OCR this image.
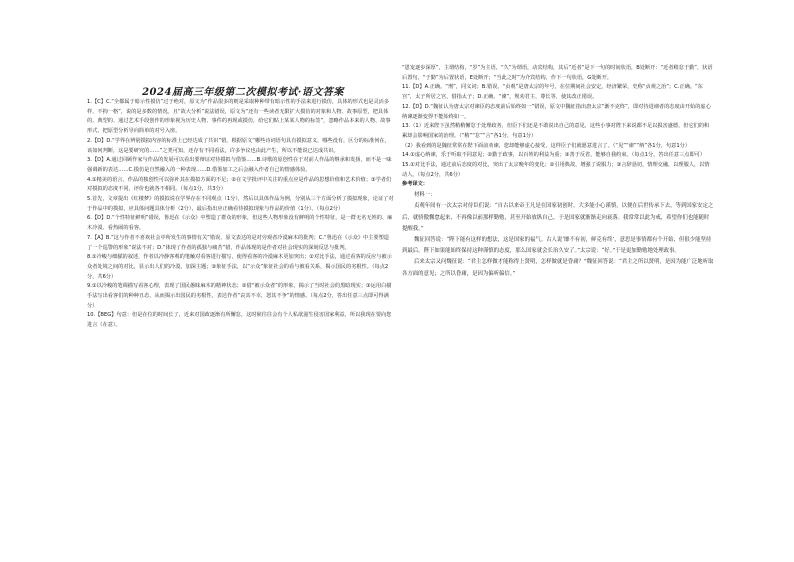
2024届高三年级第二次模拟考试·语文答案

1.【C】C.“全都属于暗示性摸仿”过于绝对，原文为“作品很多的则是采取种种带有暗示性的手法来进行摸仿，具体的形式也是灵活多样，不拘一格”，说的是多数的情况。且“故大分析”说法错误，原文为“还有一些读者无限扩大摸仿的对象和人物、故事原型，把具体的、典型的、通过艺术手段创作的形象视为历史人物、事件的再现或摸仿，给它们贴上某某人物的标签”，忽略作品本来的人物、故事形式，把原型分析导向简单的对号入座。

2.【D】D.“学界在辨别摸拟内容的标准上已经达成了共识”错，根据原文“哪些诗词语句具有摸拟意义，哪些没有，区分的标准何在，该如何判断，这是要研究的……”之类可知，还存有不同看法，许多争议也由此产生，所以不能说已达成共识。

3.【D】A.通过回顾作家与作品的发展可以看出要辩证对待摸拟与借鉴……B.诗歌的原创性在于对前人作品的继承和发扬，而不是一味强调新的表达……C.摸仿是自然融入的一种表现……D.借鉴加工之后会融入作者自己的情感体验。

4.①精美的语言，作品的独创性可以弥补其在摸拟方面的不足；②在文学批评中关注的重点应是作品的思想价值和艺术价值；③学者们对摸拟的态度不同，评价也就各不相同。（每点1分，共3分）

5.首先，文章提出《红楼梦》的摸拟说在学界存在不同观点（1分），然后以具体作品为例，分别从三个方面分析了摸拟现象，论证了对于作品中的摸拟，应具体问题具体分析（2分），最后指出应正确看待摸拟现象与作品的价值（1分）。（每点2分）

6.【D】D.“个性特征鲜明”错误，鲁迅在《示众》中塑造了群众的形象，但这些人物形象没有鲜明的个性特征，是一群无名无姓的、麻木冷漠、看热闹的看客。

7.【A】B.“这与作者不喜欢社会中所发生的事情有关”错误，原文表达的是对旁观者冷漠麻木的批判；C.“鲁迅在《示众》中主要塑造了一个巡警的形象”说法不对；D.“体现了作者的孤独与痛苦”错，作品体现的是作者对社会现实的深刻反思与批判。

8.①冷峻与细腻的叙述，作者以冷静客观的笔触对看客进行描写，使得看客的冷漠麻木更加突出；②对比手法，通过看客的反应与被示众者处境之间的对比，显示出人们的冷漠，加深主题；③象征手法，以“示众”象征社会的看与被看关系，揭示国民的劣根性。（每点2分，共6分）

9.①以冷峻的笔调描写看客心理，表现了国民愚昧麻木的精神状态；②借“被示众者”的形象，揭示了当时社会的黑暗现实；③运用白描手法写出看客们的种种丑态，从而揭示出国民的劣根性，表达作者“哀其不幸，怒其不争”的情感。（每点2分，答出任意三点即可得满分）

10.【BEG】句意：但是在位的时间长了，近来对国政逐渐有所懈怠，这时候往往会有个人私欲滋生侵害国家利益，所以我现在要向您进言（在意）。

“恩宠逐步深厚”，主谓结构，“岁”为主语，“久”为谓语，动宾结构，其后“近者”是下一句的时间状语，B处断开：“近者稍怠于勤”，状语后置句，“于勤”为后置状语，E处断开；“当此之时”为介宾结构，作下一句状语，G处断开。

11.【D】A.正确。“刑”，同义词；B.错误。“贞观”是唐太宗的年号，在位期间社会安定，经济繁荣，史称“贞观之治”；C.正确。“东宫”，太子所居之宫，借指太子；D.正确。“谏”，规劝君主、尊长等，使其改正错误。

12.【D】D.“魏征认为唐太宗对谏臣的态度前后始终如一”错误，原文中魏征指出唐太宗“渐不克终”，即对待进谏者的态度由开始的虚心纳谏逐渐变得不能始终如一。

13.（1）近来陛下虽然稍稍懈怠于处理政务，但臣下们还是不敢说出自己的意见，这些小事对陛下来说都不足以损害盛德，但它们的积累却会影响国家的治理。（“稍”“怠”“言”各1分，句意1分）

（2）我看到的是魏征常常在陛下面前劝谏，您却能够虚心接受，这样臣子们就愿意进言了。（“见”“谏”“纳”各1分，句意1分）

14.①虚心纳谏，乐于听取不同意见；②勤于政事，以百姓的利益为重；③善于反省，能够自我约束。（每点1分，答出任意三点即可）

15.①对比手法，通过前后态度的对比，突出了太宗晚年的变化；②引用典故，增强了说服力；③言辞恳切，情理交融，以理服人，以情动人。（每点2分，共6分）

参考译文：

材料一：

贞观年间有一次太宗对侍臣们说：“自古以来帝王凡是在国家初创时，大多能小心谨慎，以便在后世传承下去，等到国家安定之后，就骄傲懈怠起来，不再像以前那样勤勉，甚至开始放纵自己，于是国家就渐渐走向衰落。我常常以此为戒，希望你们也能随时提醒我。”

魏征回答说：“陛下能有这样的想法，这是国家的福气。古人说‘靡不有初，鲜克有终’，意思是事情都有个开始，但很少能坚持到最后。陛下如果能始终保持这种谨慎的态度，那么国家就会长治久安了。”太宗说：“好。”于是更加勤勉地处理政事。

后来太宗又问魏征说：“君主怎样做才能称得上贤明，怎样做就是昏庸？”魏征回答说：“君主之所以贤明，是因为能广泛地听取各方面的意见；之所以昏庸，是因为偏听偏信。”
